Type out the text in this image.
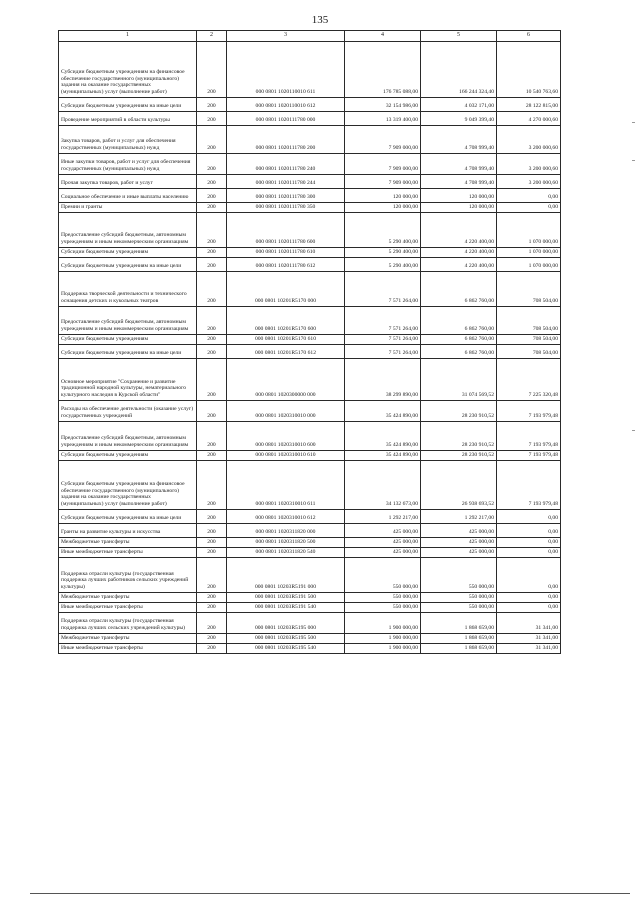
135
1	2	3	4	5	6
Субсидии бюджетным учреждениям на финансовое обеспечение государственного (муниципального) задания на оказание государственных (муниципальных) услуг (выполнение работ)	200	000 0801 1020110010 611	176 785 088,00	166 244 324,40	10 540 763,60
Субсидии бюджетным учреждениям на иные цели	200	000 0801 1020110010 612	32 154 986,00	4 032 171,00	28 122 815,00
Проведение мероприятий в области культуры	200	000 0801 1020111780 000	13 319 400,00	9 049 399,40	4 270 000,60
Закупка товаров, работ и услуг для обеспечения государственных (муниципальных) нужд	200	000 0801 1020111780 200	7 909 000,00	4 708 999,40	3 200 000,60
Иные закупки товаров, работ и услуг для обеспечения государственных (муниципальных) нужд	200	000 0801 1020111780 240	7 909 000,00	4 708 999,40	3 200 000,60
Прочая закупка товаров, работ и услуг	200	000 0801 1020111780 244	7 909 000,00	4 708 999,40	3 200 000,60
Социальное обеспечение и иные выплаты населению	200	000 0801 1020111780 300	120 000,00	120 000,00	0,00
Премии и гранты	200	000 0801 1020111780 350	120 000,00	120 000,00	0,00
Предоставление субсидий бюджетным, автономным учреждениям и иным некоммерческим организациям	200	000 0801 1020111780 600	5 290 400,00	4 220 400,00	1 070 000,00
Субсидии бюджетным учреждениям	200	000 0801 1020111780 610	5 290 400,00	4 220 400,00	1 070 000,00
Субсидии бюджетным учреждениям на иные цели	200	000 0801 1020111780 612	5 290 400,00	4 220 400,00	1 070 000,00
Поддержка творческой деятельности и технического оснащения детских и кукольных театров	200	000 0801 10201R5170 000	7 571 264,00	6 862 760,00	708 504,00
Предоставление субсидий бюджетным, автономным учреждениям и иным некоммерческим организациям	200	000 0801 10201R5170 600	7 571 264,00	6 862 760,00	708 504,00
Субсидии бюджетным учреждениям	200	000 0801 10201R5170 610	7 571 264,00	6 862 760,00	708 504,00
Субсидии бюджетным учреждениям на иные цели	200	000 0801 10201R5170 612	7 571 264,00	6 862 760,00	708 504,00
Основное мероприятие "Сохранение и развитие традиционной народной культуры, нематериального культурного наследия в Курской области"	200	000 0801 1020300000 000	38 299 890,00	31 074 569,52	7 225 320,48
Расходы на обеспечение деятельности (оказание услуг) государственных учреждений	200	000 0801 1020310010 000	35 424 890,00	28 230 910,52	7 193 979,48
Предоставление субсидий бюджетным, автономным учреждениям и иным некоммерческим организациям	200	000 0801 1020310010 600	35 424 890,00	28 230 910,52	7 193 979,48
Субсидии бюджетным учреждениям	200	000 0801 1020310010 610	35 424 890,00	28 230 910,52	7 193 979,48
Субсидии бюджетным учреждениям на финансовое обеспечение государственного (муниципального) задания на оказание государственных (муниципальных) услуг (выполнение работ)	200	000 0801 1020310010 611	34 132 673,00	26 938 693,52	7 193 979,48
Субсидии бюджетным учреждениям на иные цели	200	000 0801 1020310010 612	1 292 217,00	1 292 217,00	0,00
Гранты на развитие культуры и искусства	200	000 0801 1020311820 000	425 000,00	425 000,00	0,00
Межбюджетные трансферты	200	000 0801 1020311820 500	425 000,00	425 000,00	0,00
Иные межбюджетные трансферты	200	000 0801 1020311820 540	425 000,00	425 000,00	0,00
Поддержка отрасли культуры (государственная поддержка лучших работников сельских учреждений культуры)	200	000 0801 10203R5191 000	550 000,00	550 000,00	0,00
Межбюджетные трансферты	200	000 0801 10203R5191 500	550 000,00	550 000,00	0,00
Иные межбюджетные трансферты	200	000 0801 10203R5191 540	550 000,00	550 000,00	0,00
Поддержка отрасли культуры (государственная поддержка лучших сельских учреждений культуры)	200	000 0801 10203R5195 000	1 900 000,00	1 868 659,00	31 341,00
Межбюджетные трансферты	200	000 0801 10203R5195 500	1 900 000,00	1 868 659,00	31 341,00
Иные межбюджетные трансферты	200	000 0801 10203R5195 540	1 900 000,00	1 868 659,00	31 341,00
